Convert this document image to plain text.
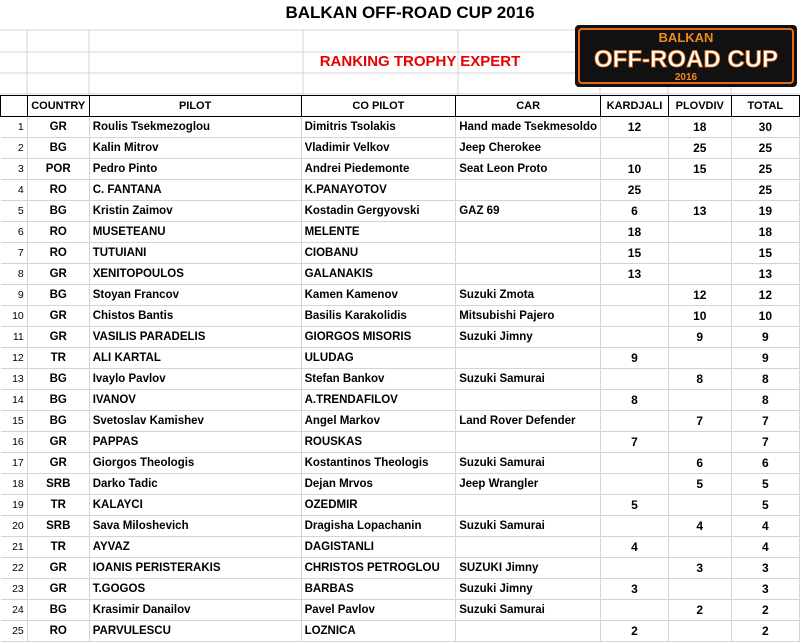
BALKAN OFF-ROAD CUP 2016
RANKING TROPHY EXPERT
BALKAN
OFF-ROAD CUP
2016
	COUNTRY	PILOT	CO PILOT	CAR	KARDJALI	PLOVDIV	TOTAL
1	GR	Roulis Tsekmezoglou	Dimitris Tsolakis	Hand made Tsekmesoldo	12	18	30
2	BG	Kalin Mitrov	Vladimir Velkov	Jeep Cherokee		25	25
3	POR	Pedro Pinto	Andrei Piedemonte	Seat Leon Proto	10	15	25
4	RO	C. FANTANA	K.PANAYOTOV		25		25
5	BG	Kristin Zaimov	Kostadin Gergyovski	GAZ 69	6	13	19
6	RO	MUSETEANU	MELENTE		18		18
7	RO	TUTUIANI	CIOBANU		15		15
8	GR	XENITOPOULOS	GALANAKIS		13		13
9	BG	Stoyan Francov	Kamen Kamenov	Suzuki Zmota		12	12
10	GR	Chistos Bantis	Basilis Karakolidis	Mitsubishi Pajero		10	10
11	GR	VASILIS PARADELIS	GIORGOS MISORIS	Suzuki Jimny		9	9
12	TR	ALI KARTAL	ULUDAG		9		9
13	BG	Ivaylo Pavlov	Stefan Bankov	Suzuki Samurai		8	8
14	BG	IVANOV	A.TRENDAFILOV		8		8
15	BG	Svetoslav Kamishev	Angel Markov	Land Rover Defender		7	7
16	GR	PAPPAS	ROUSKAS		7		7
17	GR	Giorgos Theologis	Kostantinos Theologis	Suzuki Samurai		6	6
18	SRB	Darko Tadic	Dejan Mrvos	Jeep Wrangler		5	5
19	TR	KALAYCI	OZEDMIR		5		5
20	SRB	Sava Miloshevich	Dragisha Lopachanin	Suzuki Samurai		4	4
21	TR	AYVAZ	DAGISTANLI		4		4
22	GR	IOANIS PERISTERAKIS	CHRISTOS PETROGLOU	SUZUKI Jimny		3	3
23	GR	T.GOGOS	BARBAS	Suzuki Jimny	3		3
24	BG	Krasimir Danailov	Pavel Pavlov	Suzuki Samurai		2	2
25	RO	PARVULESCU	LOZNICA		2		2
